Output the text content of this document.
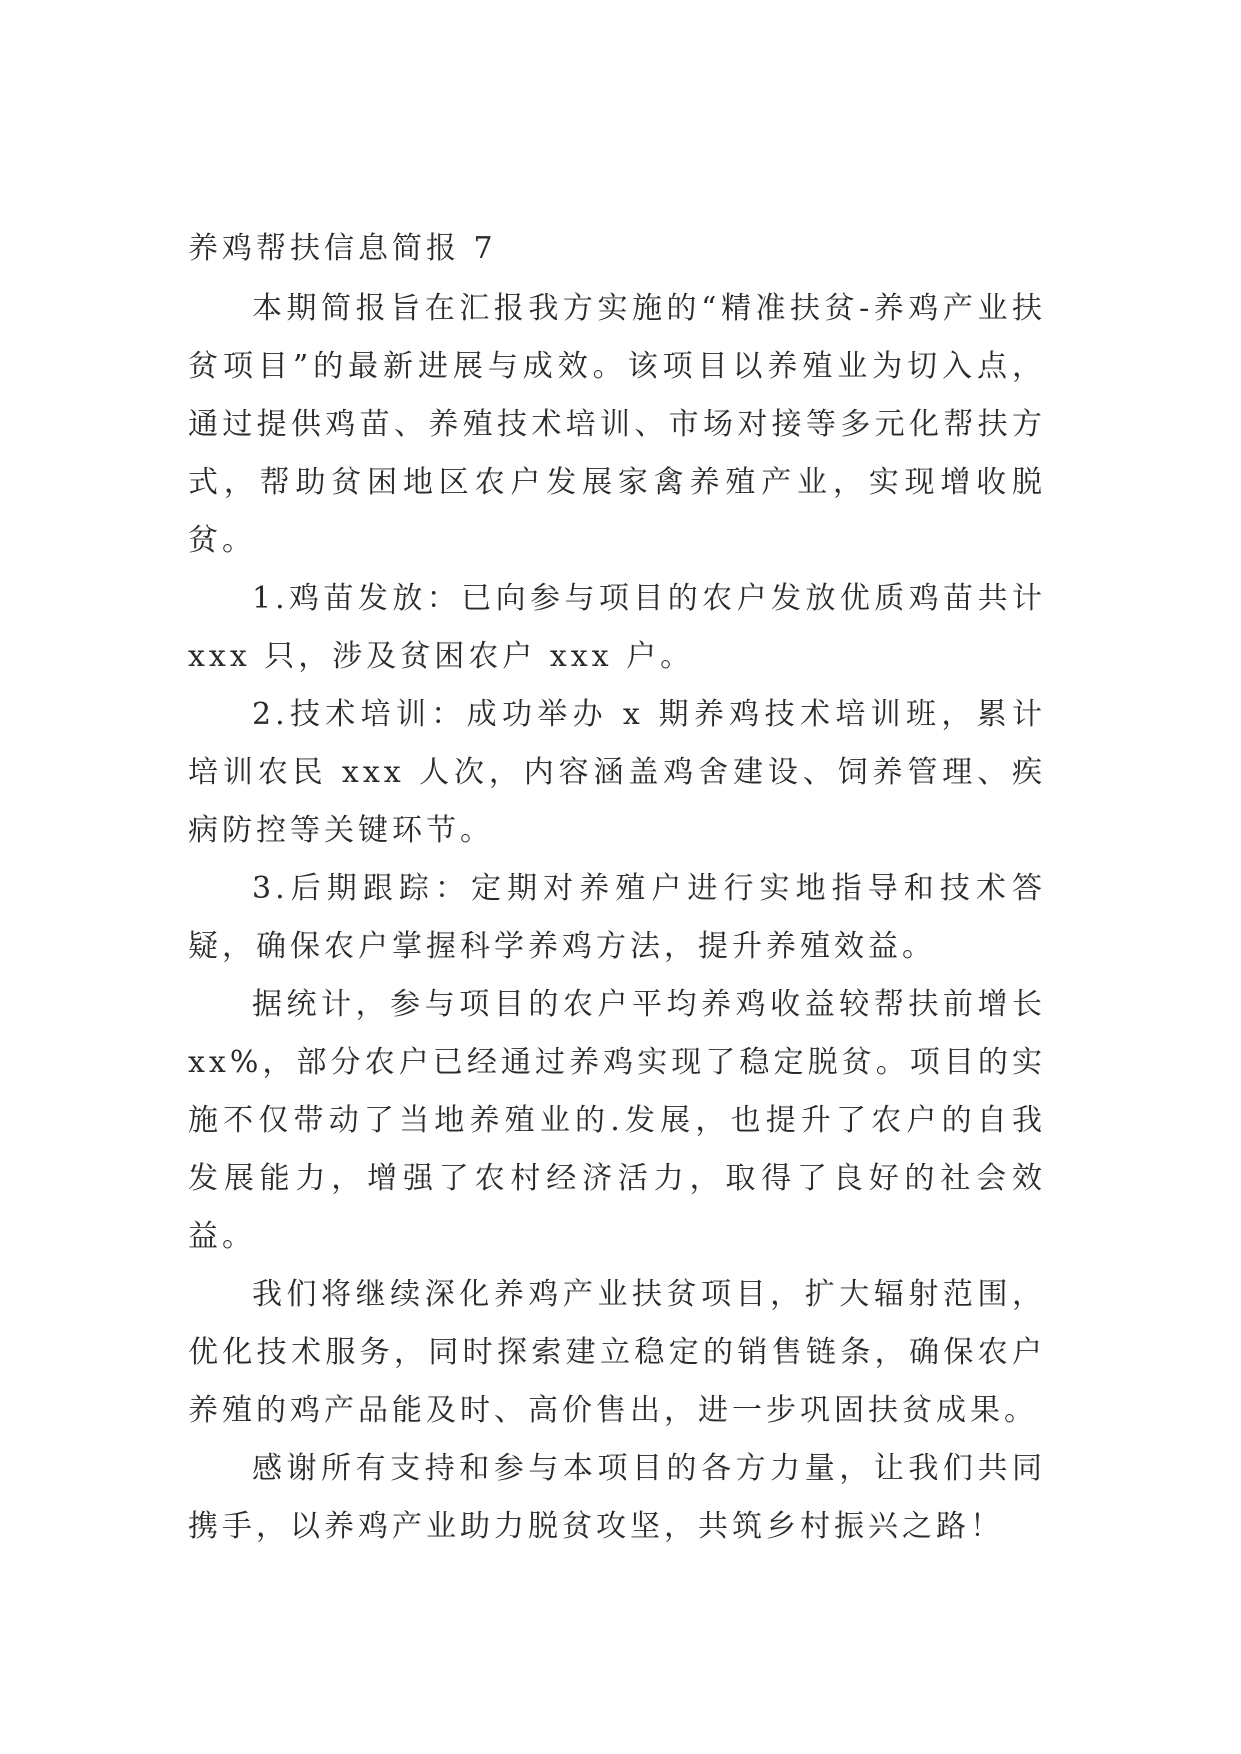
养鸡帮扶信息简报 7

本期简报旨在汇报我方实施的“精准扶贫-养鸡产业扶贫项目”的最新进展与成效。该项目以养殖业为切入点，通过提供鸡苗、养殖技术培训、市场对接等多元化帮扶方式，帮助贫困地区农户发展家禽养殖产业，实现增收脱贫。

1.鸡苗发放：已向参与项目的农户发放优质鸡苗共计 xxx 只，涉及贫困农户 xxx 户。

2.技术培训：成功举办 x 期养鸡技术培训班，累计培训农民 xxx 人次，内容涵盖鸡舍建设、饲养管理、疾病防控等关键环节。

3.后期跟踪：定期对养殖户进行实地指导和技术答疑，确保农户掌握科学养鸡方法，提升养殖效益。

据统计，参与项目的农户平均养鸡收益较帮扶前增长 xx%，部分农户已经通过养鸡实现了稳定脱贫。项目的实施不仅带动了当地养殖业的.发展，也提升了农户的自我发展能力，增强了农村经济活力，取得了良好的社会效益。

我们将继续深化养鸡产业扶贫项目，扩大辐射范围，优化技术服务，同时探索建立稳定的销售链条，确保农户养殖的鸡产品能及时、高价售出，进一步巩固扶贫成果。

感谢所有支持和参与本项目的各方力量，让我们共同携手，以养鸡产业助力脱贫攻坚，共筑乡村振兴之路！
